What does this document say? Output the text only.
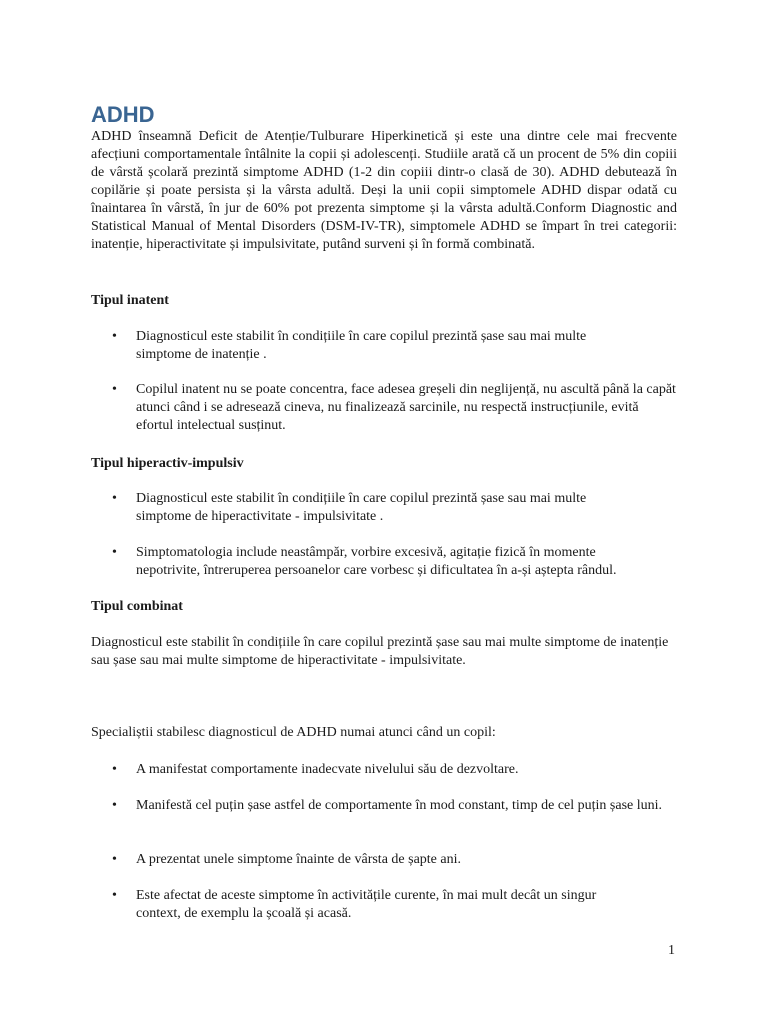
ADHD

ADHD înseamnă Deficit de Atenție/Tulburare Hiperkinetică și este una dintre cele mai frecvente afecțiuni comportamentale întâlnite la copii și adolescenți. Studiile arată că un procent de 5% din copiii de vârstă școlară prezintă simptome ADHD (1-2 din copiii dintr-o clasă de 30). ADHD debutează în copilărie și poate persista și la vârsta adultă. Deși la unii copii simptomele ADHD dispar odată cu înaintarea în vârstă, în jur de 60% pot prezenta simptome și la vârsta adultă.Conform Diagnostic and Statistical Manual of Mental Disorders (DSM-IV-TR), simptomele ADHD se împart în trei categorii: inatenție, hiperactivitate și impulsivitate, putând surveni și în formă combinată.

Tipul inatent
•	Diagnosticul este stabilit în condițiile în care copilul prezintă șase sau mai multe simptome de inatenție .
•	Copilul inatent nu se poate concentra, face adesea greșeli din neglijență, nu ascultă până la capăt atunci când i se adresează cineva, nu finalizează sarcinile, nu respectă instrucțiunile, evită efortul intelectual susținut.
Tipul hiperactiv-impulsiv
•	Diagnosticul este stabilit în condițiile în care copilul prezintă șase sau mai multe simptome de hiperactivitate - impulsivitate .
•	Simptomatologia include neastâmpăr, vorbire excesivă, agitație fizică în momente nepotrivite, întreruperea persoanelor care vorbesc și dificultatea în a-și aștepta rândul.
Tipul combinat

Diagnosticul este stabilit în condițiile în care copilul prezintă șase sau mai multe simptome de inatenție sau șase sau mai multe simptome de hiperactivitate - impulsivitate.

Specialiștii stabilesc diagnosticul de ADHD numai atunci când un copil:

•	A manifestat comportamente inadecvate nivelului său de dezvoltare.
•	Manifestă cel puțin șase astfel de comportamente în mod constant, timp de cel puțin șase luni.
•	A prezentat unele simptome înainte de vârsta de șapte ani.
•	Este afectat de aceste simptome în activitățile curente, în mai mult decât un singur context, de exemplu la școală și acasă.
1
